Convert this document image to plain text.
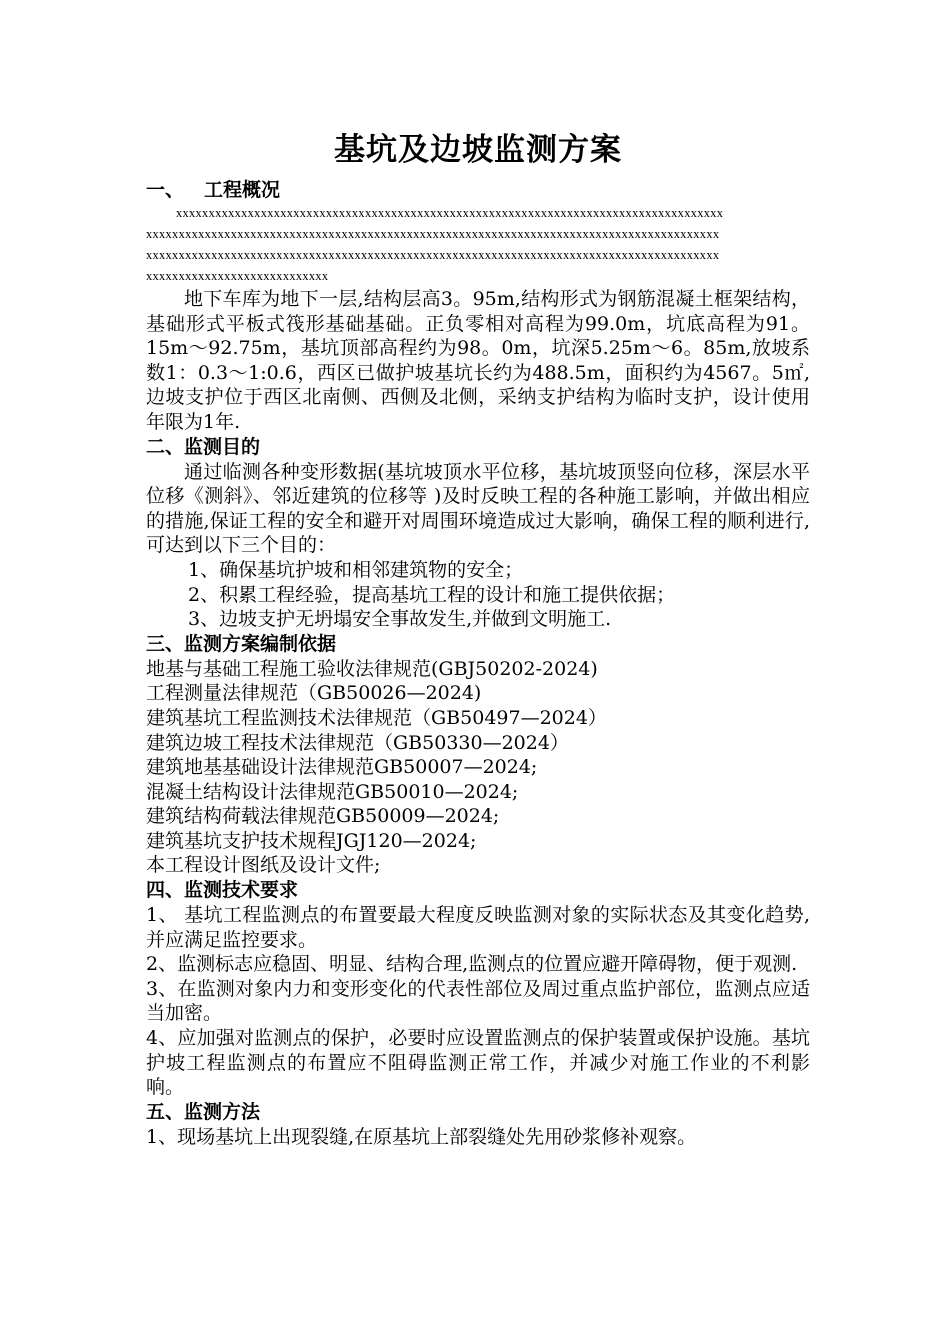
基坑及边坡监测方案
一、 工程概况

xxxxxxxxxxxxxxxxxxxxxxxxxxxxxxxxxxxxxxxxxxxxxxxxxxxxxxxxxxxxxxxxxxxxxxxxxxxxxxxxxxxx

xxxxxxxxxxxxxxxxxxxxxxxxxxxxxxxxxxxxxxxxxxxxxxxxxxxxxxxxxxxxxxxxxxxxxxxxxxxxxxxxxxxxxxxx

xxxxxxxxxxxxxxxxxxxxxxxxxxxxxxxxxxxxxxxxxxxxxxxxxxxxxxxxxxxxxxxxxxxxxxxxxxxxxxxxxxxxxxxx

xxxxxxxxxxxxxxxxxxxxxxxxxxxx

地下车库为地下一层,结构层高3。95m,结构形式为钢筋混凝土框架结构，基础形式平板式筏形基础基础。正负零相对高程为99.0m，坑底高程为91。15m～92.75m，基坑顶部高程约为98。0m，坑深5.25m～6。85m,放坡系数1：0.3～1:0.6，西区已做护坡基坑长约为488.5m，面积约为4567。5㎡,边坡支护位于西区北南侧、西侧及北侧，采纳支护结构为临时支护，设计使用年限为1年.

二、监测目的

通过临测各种变形数据(基坑坡顶水平位移，基坑坡顶竖向位移，深层水平位移《测斜》、邻近建筑的位移等 )及时反映工程的各种施工影响，并做出相应的措施,保证工程的安全和避开对周围环境造成过大影响，确保工程的顺利进行,可达到以下三个目的：

1、确保基坑护坡和相邻建筑物的安全；

2、积累工程经验，提高基坑工程的设计和施工提供依据；

3、边坡支护无坍塌安全事故发生,并做到文明施工.

三、监测方案编制依据

地基与基础工程施工验收法律规范(GBJ50202-2024)

工程测量法律规范（GB50026—2024)

建筑基坑工程监测技术法律规范（GB50497—2024）

建筑边坡工程技术法律规范（GB50330—2024）

建筑地基基础设计法律规范GB50007—2024;

混凝土结构设计法律规范GB50010—2024;

建筑结构荷载法律规范GB50009—2024;

建筑基坑支护技术规程JGJ120—2024;

本工程设计图纸及设计文件;

四、监测技术要求

1、 基坑工程监测点的布置要最大程度反映监测对象的实际状态及其变化趋势,并应满足监控要求。

2、监测标志应稳固、明显、结构合理,监测点的位置应避开障碍物，便于观测.

3、在监测对象内力和变形变化的代表性部位及周过重点监护部位，监测点应适当加密。

4、应加强对监测点的保护，必要时应设置监测点的保护装置或保护设施。基坑护坡工程监测点的布置应不阻碍监测正常工作，并减少对施工作业的不利影响。

五、监测方法

1、现场基坑上出现裂缝,在原基坑上部裂缝处先用砂浆修补观察。
